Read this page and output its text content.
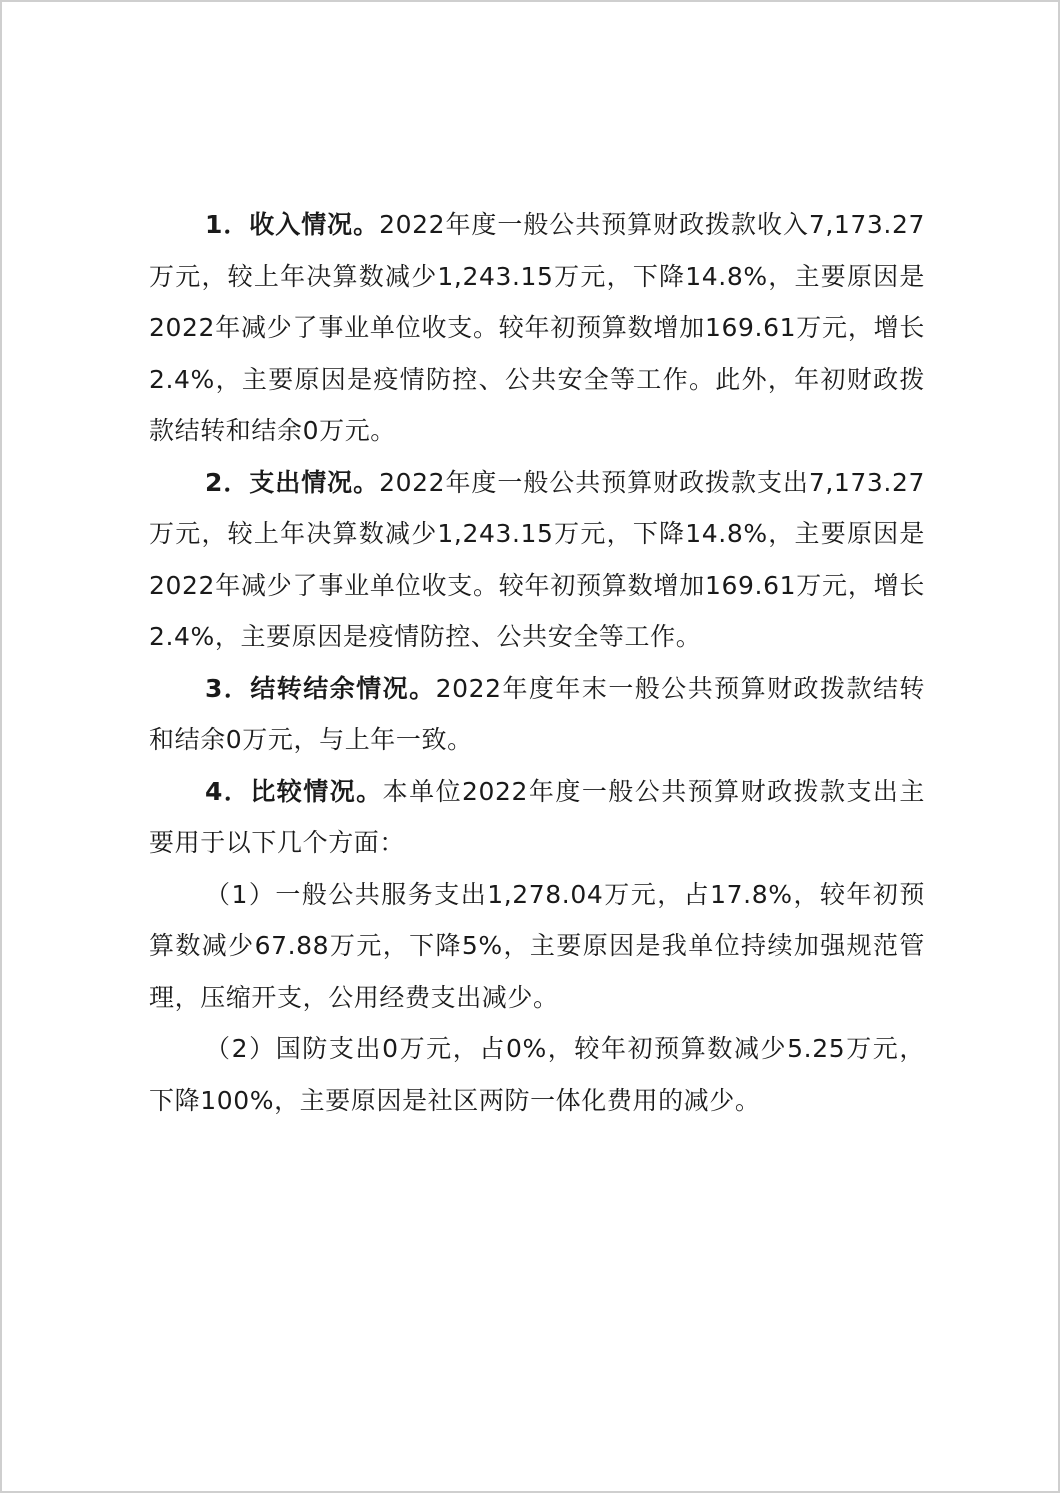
1．收入情况。2022年度一般公共预算财政拨款收入7,173.27万元，较上年决算数减少1,243.15万元，下降14.8%，主要原因是2022年减少了事业单位收支。较年初预算数增加169.61万元，增长2.4%，主要原因是疫情防控、公共安全等工作。此外，年初财政拨款结转和结余0万元。

2．支出情况。2022年度一般公共预算财政拨款支出7,173.27万元，较上年决算数减少1,243.15万元，下降14.8%，主要原因是2022年减少了事业单位收支。较年初预算数增加169.61万元，增长2.4%，主要原因是疫情防控、公共安全等工作。

3．结转结余情况。2022年度年末一般公共预算财政拨款结转和结余0万元，与上年一致。

4．比较情况。本单位2022年度一般公共预算财政拨款支出主要用于以下几个方面：

（1）一般公共服务支出1,278.04万元，占17.8%，较年初预算数减少67.88万元，下降5%，主要原因是我单位持续加强规范管理，压缩开支，公用经费支出减少。

（2）国防支出0万元，占0%，较年初预算数减少5.25万元，下降100%，主要原因是社区两防一体化费用的减少。
